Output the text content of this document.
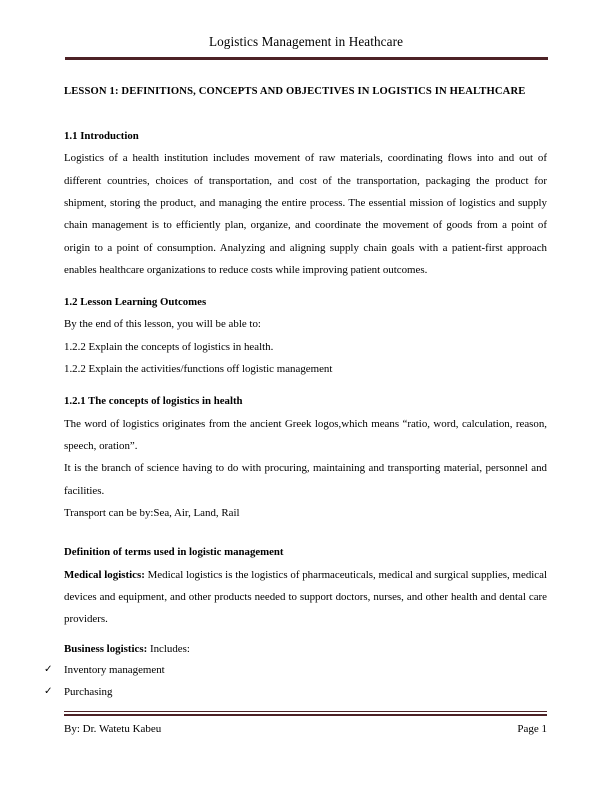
Logistics Management in Heathcare
LESSON 1: DEFINITIONS, CONCEPTS AND OBJECTIVES IN LOGISTICS IN HEALTHCARE
1.1 Introduction

Logistics of a health institution includes movement of raw materials, coordinating flows into and out of different countries, choices of transportation, and cost of the transportation, packaging the product for shipment, storing the product, and managing the entire process. The essential mission of logistics and supply chain management is to efficiently plan, organize, and coordinate the movement of goods from a point of origin to a point of consumption. Analyzing and aligning supply chain goals with a patient-first approach enables healthcare organizations to reduce costs while improving patient outcomes.

1.2 Lesson Learning Outcomes

By the end of this lesson, you will be able to:

1.2.2 Explain the concepts of logistics in health.

1.2.2 Explain the activities/functions off logistic management

1.2.1 The concepts of logistics in health

The word of logistics originates from the ancient Greek logos,which means “ratio, word, calculation, reason, speech, oration”.

It is the branch of science having to do with procuring, maintaining and transporting material, personnel and facilities.

Transport can be by:Sea, Air, Land, Rail

Definition of terms used in logistic management

Medical logistics: Medical logistics is the logistics of pharmaceuticals, medical and surgical supplies, medical devices and equipment, and other products needed to support doctors, nurses, and other health and dental care providers.

Business logistics: Includes:

✓ Inventory management
✓ Purchasing
By: Dr. Watetu Kabeu	Page 1
